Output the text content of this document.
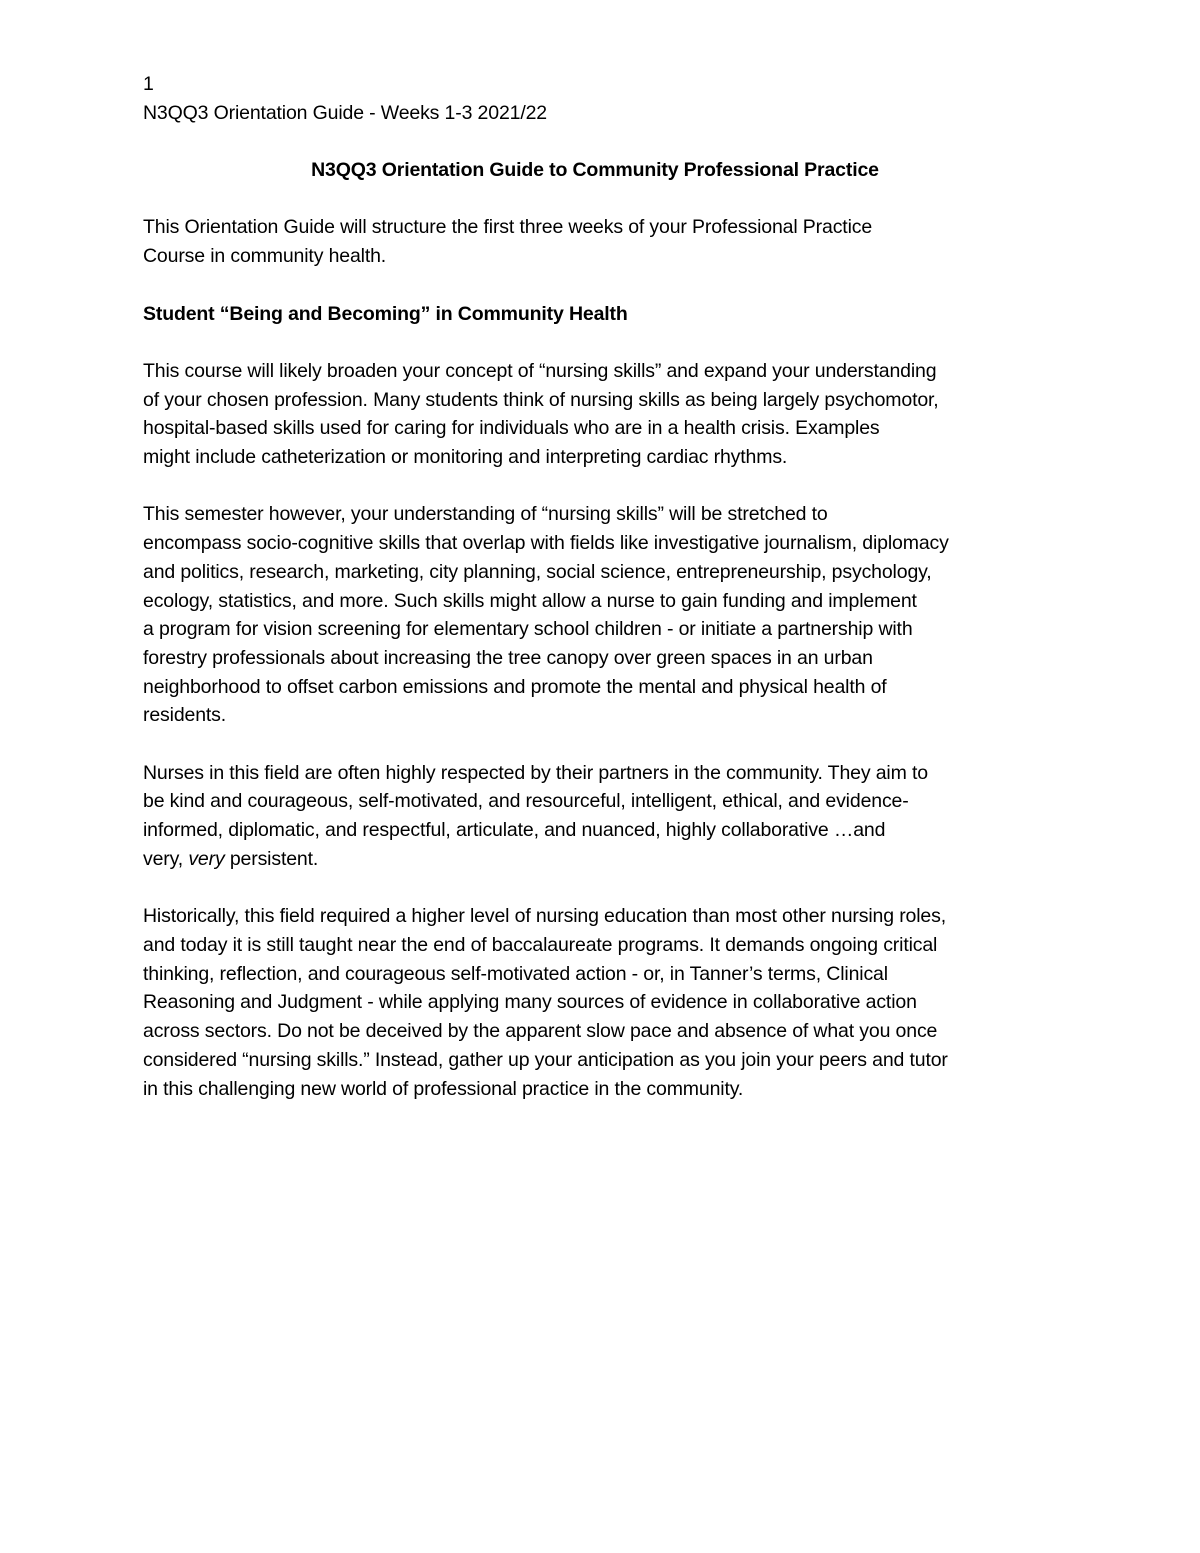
1
N3QQ3 Orientation Guide - Weeks 1-3 2021/22
N3QQ3 Orientation Guide to Community Professional Practice
This Orientation Guide will structure the first three weeks of your Professional Practice
Course in community health.
Student “Being and Becoming” in Community Health
This course will likely broaden your concept of “nursing skills” and expand your understanding
of your chosen profession. Many students think of nursing skills as being largely psychomotor,
hospital-based skills used for caring for individuals who are in a health crisis. Examples
might include catheterization or monitoring and interpreting cardiac rhythms.
This semester however, your understanding of “nursing skills” will be stretched to
encompass socio-cognitive skills that overlap with fields like investigative journalism, diplomacy
and politics, research, marketing, city planning, social science, entrepreneurship, psychology,
ecology, statistics, and more. Such skills might allow a nurse to gain funding and implement
a program for vision screening for elementary school children - or initiate a partnership with
forestry professionals about increasing the tree canopy over green spaces in an urban
neighborhood to offset carbon emissions and promote the mental and physical health of
residents.
Nurses in this field are often highly respected by their partners in the community. They aim to
be kind and courageous, self-motivated, and resourceful, intelligent, ethical, and evidence-
informed, diplomatic, and respectful, articulate, and nuanced, highly collaborative …and
very, very persistent.
Historically, this field required a higher level of nursing education than most other nursing roles,
and today it is still taught near the end of baccalaureate programs. It demands ongoing critical
thinking, reflection, and courageous self-motivated action - or, in Tanner’s terms, Clinical
Reasoning and Judgment - while applying many sources of evidence in collaborative action
across sectors. Do not be deceived by the apparent slow pace and absence of what you once
considered “nursing skills.” Instead, gather up your anticipation as you join your peers and tutor
in this challenging new world of professional practice in the community.
